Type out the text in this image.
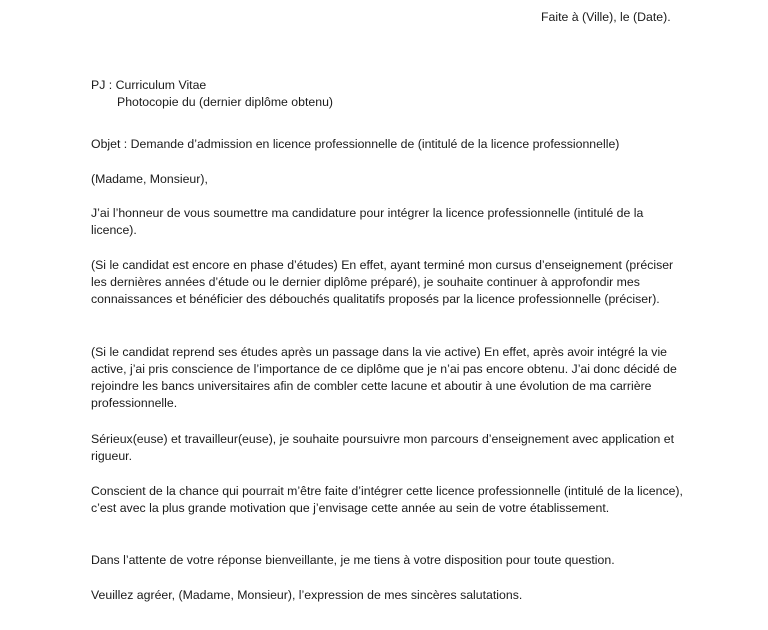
Faite à (Ville), le (Date).

PJ : Curriculum Vitae

Photocopie du (dernier diplôme obtenu)

Objet : Demande d’admission en licence professionnelle de (intitulé de la licence professionnelle)
(Madame, Monsieur),
J’ai l’honneur de vous soumettre ma candidature pour intégrer la licence professionnelle (intitulé de la licence).
(Si le candidat est encore en phase d’études) En effet, ayant terminé mon cursus d’enseignement (préciser les dernières années d’étude ou le dernier diplôme préparé), je souhaite continuer à approfondir mes connaissances et bénéficier des débouchés qualitatifs proposés par la licence professionnelle (préciser).
(Si le candidat reprend ses études après un passage dans la vie active) En effet, après avoir intégré la vie active, j’ai pris conscience de l’importance de ce diplôme que je n’ai pas encore obtenu. J’ai donc décidé de rejoindre les bancs universitaires afin de combler cette lacune et aboutir à une évolution de ma carrière professionnelle.
Sérieux(euse) et travailleur(euse), je souhaite poursuivre mon parcours d’enseignement avec application et rigueur.
Conscient de la chance qui pourrait m’être faite d’intégrer cette licence professionnelle (intitulé de la licence), c’est avec la plus grande motivation que j’envisage cette année au sein de votre établissement.
Dans l’attente de votre réponse bienveillante, je me tiens à votre disposition pour toute question.
Veuillez agréer, (Madame, Monsieur), l’expression de mes sincères salutations.
